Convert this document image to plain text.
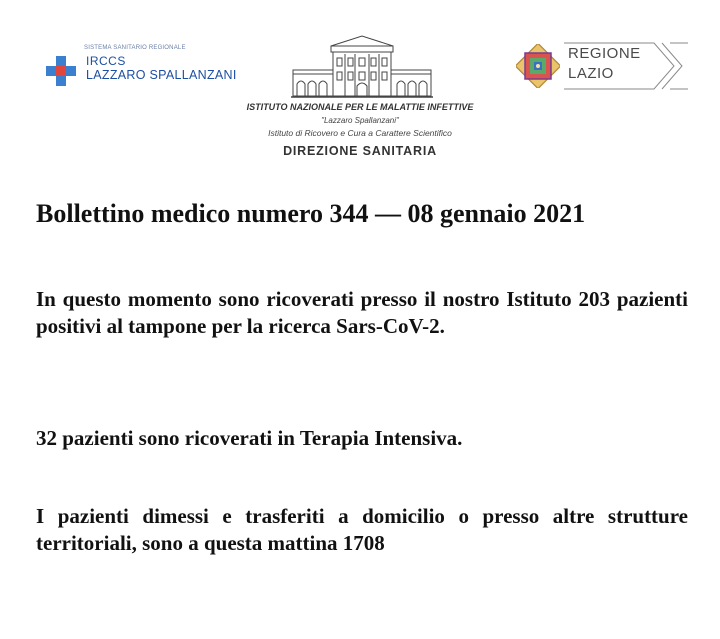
SISTEMA SANITARIO REGIONALE
IRCCS
LAZZARO SPALLANZANI
ISTITUTO NAZIONALE PER LE MALATTIE INFETTIVE
"Lazzaro Spallanzani"
Istituto di Ricovero e Cura a Carattere Scientifico
DIREZIONE SANITARIA
REGIONE
LAZIO
Bollettino medico numero 344 — 08 gennaio 2021
In questo momento sono ricoverati presso il nostro Istituto 203 pazienti positivi al tampone per la ricerca Sars-CoV-2.
32 pazienti sono ricoverati in Terapia Intensiva.
I pazienti dimessi e trasferiti a domicilio o presso altre strutture territoriali, sono a questa mattina 1708
